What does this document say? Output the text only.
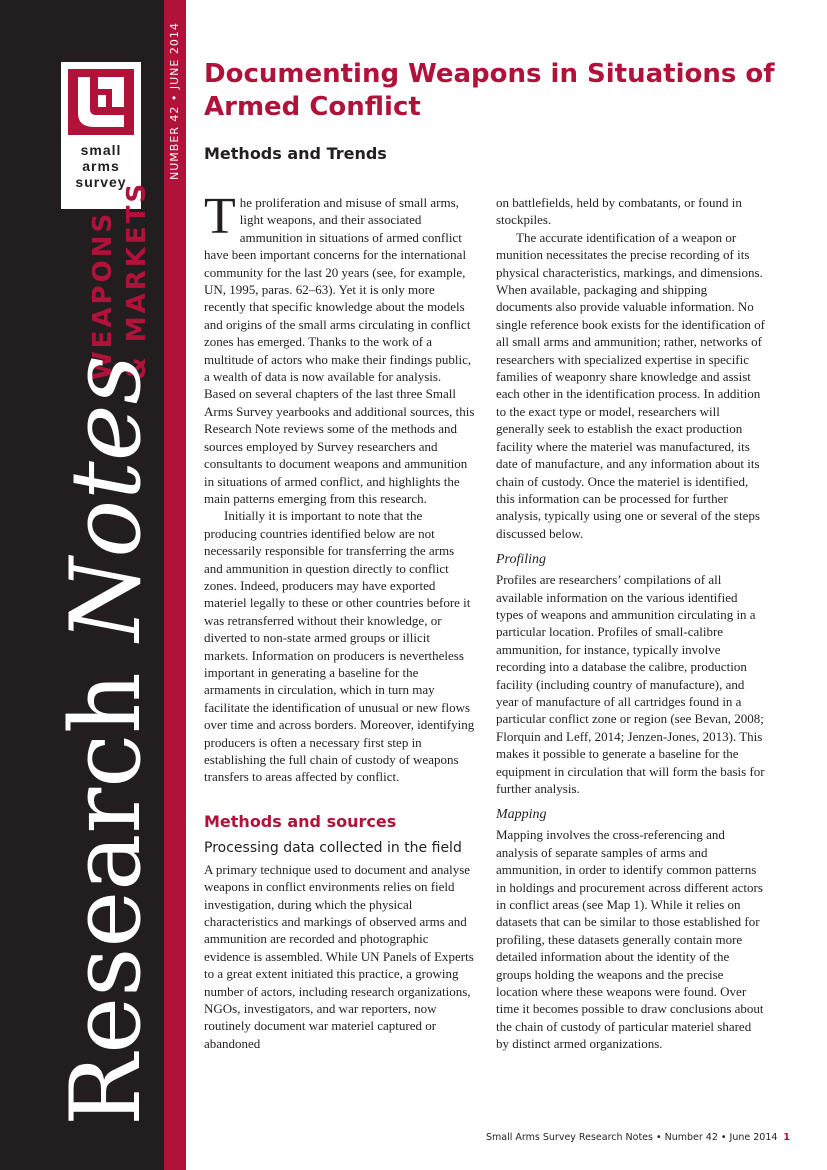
small
arms
survey
WEAPONS & MARKETS
Research Notes
NUMBER 42 • JUNE 2014 Documenting Weapons in Situations of Armed Conflict
Methods and Trends

The proliferation and misuse of small arms, light weapons, and their associated ammunition in situations of armed conflict have been important concerns for the international community for the last 20 years (see, for example, UN, 1995, paras. 62–63). Yet it is only more recently that specific knowledge about the models and origins of the small arms circulating in conflict zones has emerged. Thanks to the work of a multitude of actors who make their findings public, a wealth of data is now available for analysis. Based on several chapters of the last three Small Arms Survey yearbooks and additional sources, this Research Note reviews some of the methods and sources employed by Survey researchers and consultants to document weapons and ammunition in situations of armed conflict, and highlights the main patterns emerging from this research.

Initially it is important to note that the producing countries identified below are not necessarily responsible for transferring the arms and ammunition in question directly to conflict zones. Indeed, producers may have exported materiel legally to these or other countries before it was retransferred without their knowledge, or diverted to non-state armed groups or illicit markets. Information on producers is nevertheless important in generating a baseline for the armaments in circulation, which in turn may facilitate the identification of unusual or new flows over time and across borders. Moreover, identifying producers is often a necessary first step in establishing the full chain of custody of weapons transfers to areas affected by conflict.

Methods and sources
Processing data collected in the field

A primary technique used to document and analyse weapons in conflict environments relies on field investigation, during which the physical characteristics and markings of observed arms and ammunition are recorded and photographic evidence is assembled. While UN Panels of Experts to a great extent initiated this practice, a growing number of actors, including research organizations, NGOs, investigators, and war reporters, now routinely document war materiel captured or abandoned

on battlefields, held by combatants, or found in stockpiles.

The accurate identification of a weapon or munition necessitates the precise recording of its physical characteristics, markings, and dimensions. When available, packaging and shipping documents also provide valuable information. No single reference book exists for the identification of all small arms and ammunition; rather, networks of researchers with specialized expertise in specific families of weaponry share knowledge and assist each other in the identification process. In addition to the exact type or model, researchers will generally seek to establish the exact production facility where the materiel was manufactured, its date of manufacture, and any information about its chain of custody. Once the materiel is identified, this information can be processed for further analysis, typically using one or several of the steps discussed below.

Profiling

Profiles are researchers’ compilations of all available information on the various identified types of weapons and ammunition circulating in a particular location. Profiles of small-calibre ammunition, for instance, typically involve recording into a database the calibre, production facility (including country of manufacture), and year of manufacture of all cartridges found in a particular conflict zone or region (see Bevan, 2008; Florquin and Leff, 2014; Jenzen-Jones, 2013). This makes it possible to generate a baseline for the equipment in circulation that will form the basis for further analysis.

Mapping

Mapping involves the cross-referencing and analysis of separate samples of arms and ammunition, in order to identify common patterns in holdings and procurement across different actors in conflict areas (see Map 1). While it relies on datasets that can be similar to those established for profiling, these datasets generally contain more detailed information about the identity of the groups holding the weapons and the precise location where these weapons were found. Over time it becomes possible to draw conclusions about the chain of custody of particular materiel shared by distinct armed organizations.

Small Arms Survey Research Notes • Number 42 • June 2014 1
